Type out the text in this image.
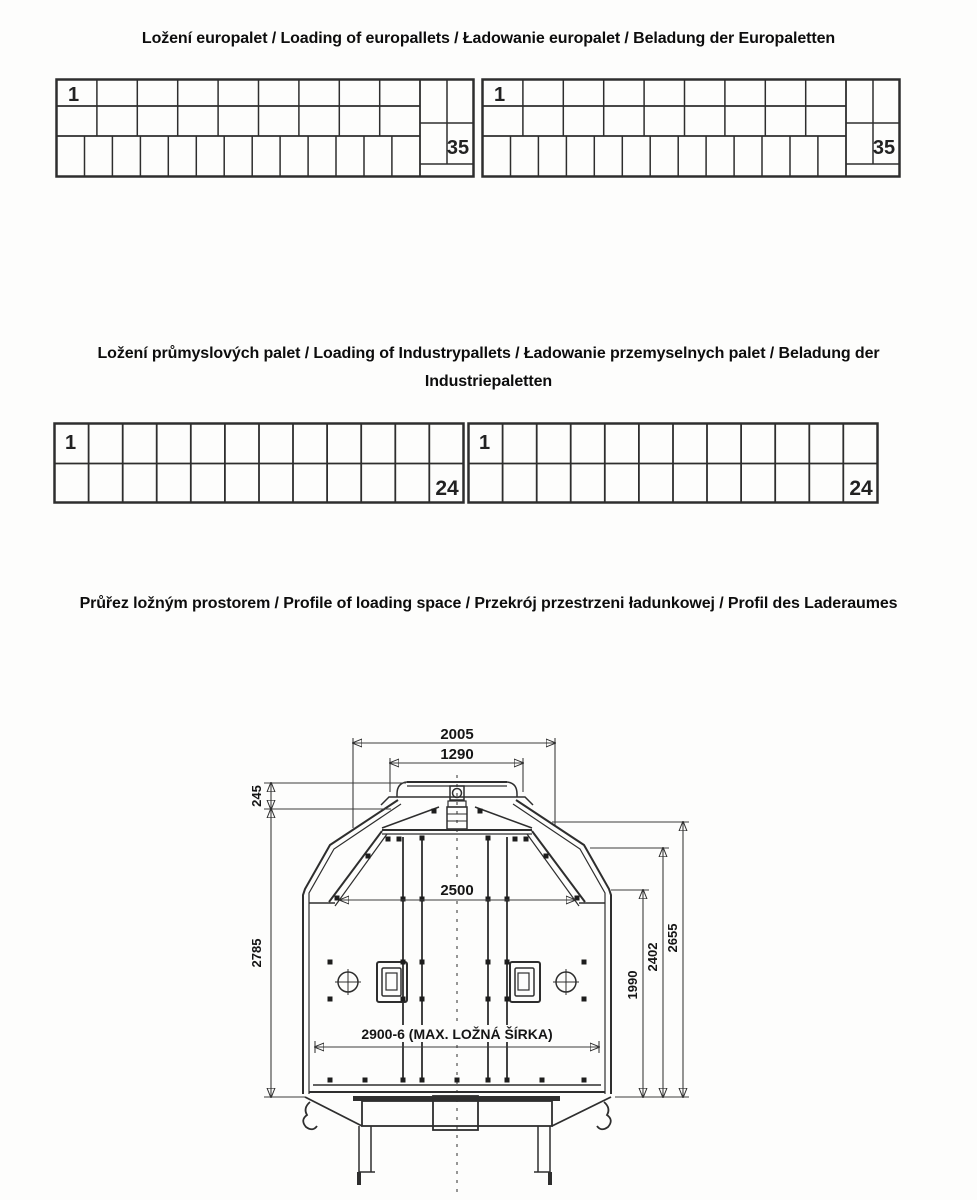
Ložení europalet / Loading of europallets / Ładowanie europalet / Beladung der Europaletten
1
35
1
35
Ložení průmyslových palet / Loading of Industrypallets / Ładowanie przemyselnych palet / Beladung der
Industriepaletten
1
24
1
24
Průřez ložným prostorem / Profile of loading space / Przekrój przestrzeni ładunkowej / Profil des Laderaumes
2005
1290
245
2785
2500
1990
2402
2655
2900-6 (MAX. LOŽNÁ ŠÍRKA)
